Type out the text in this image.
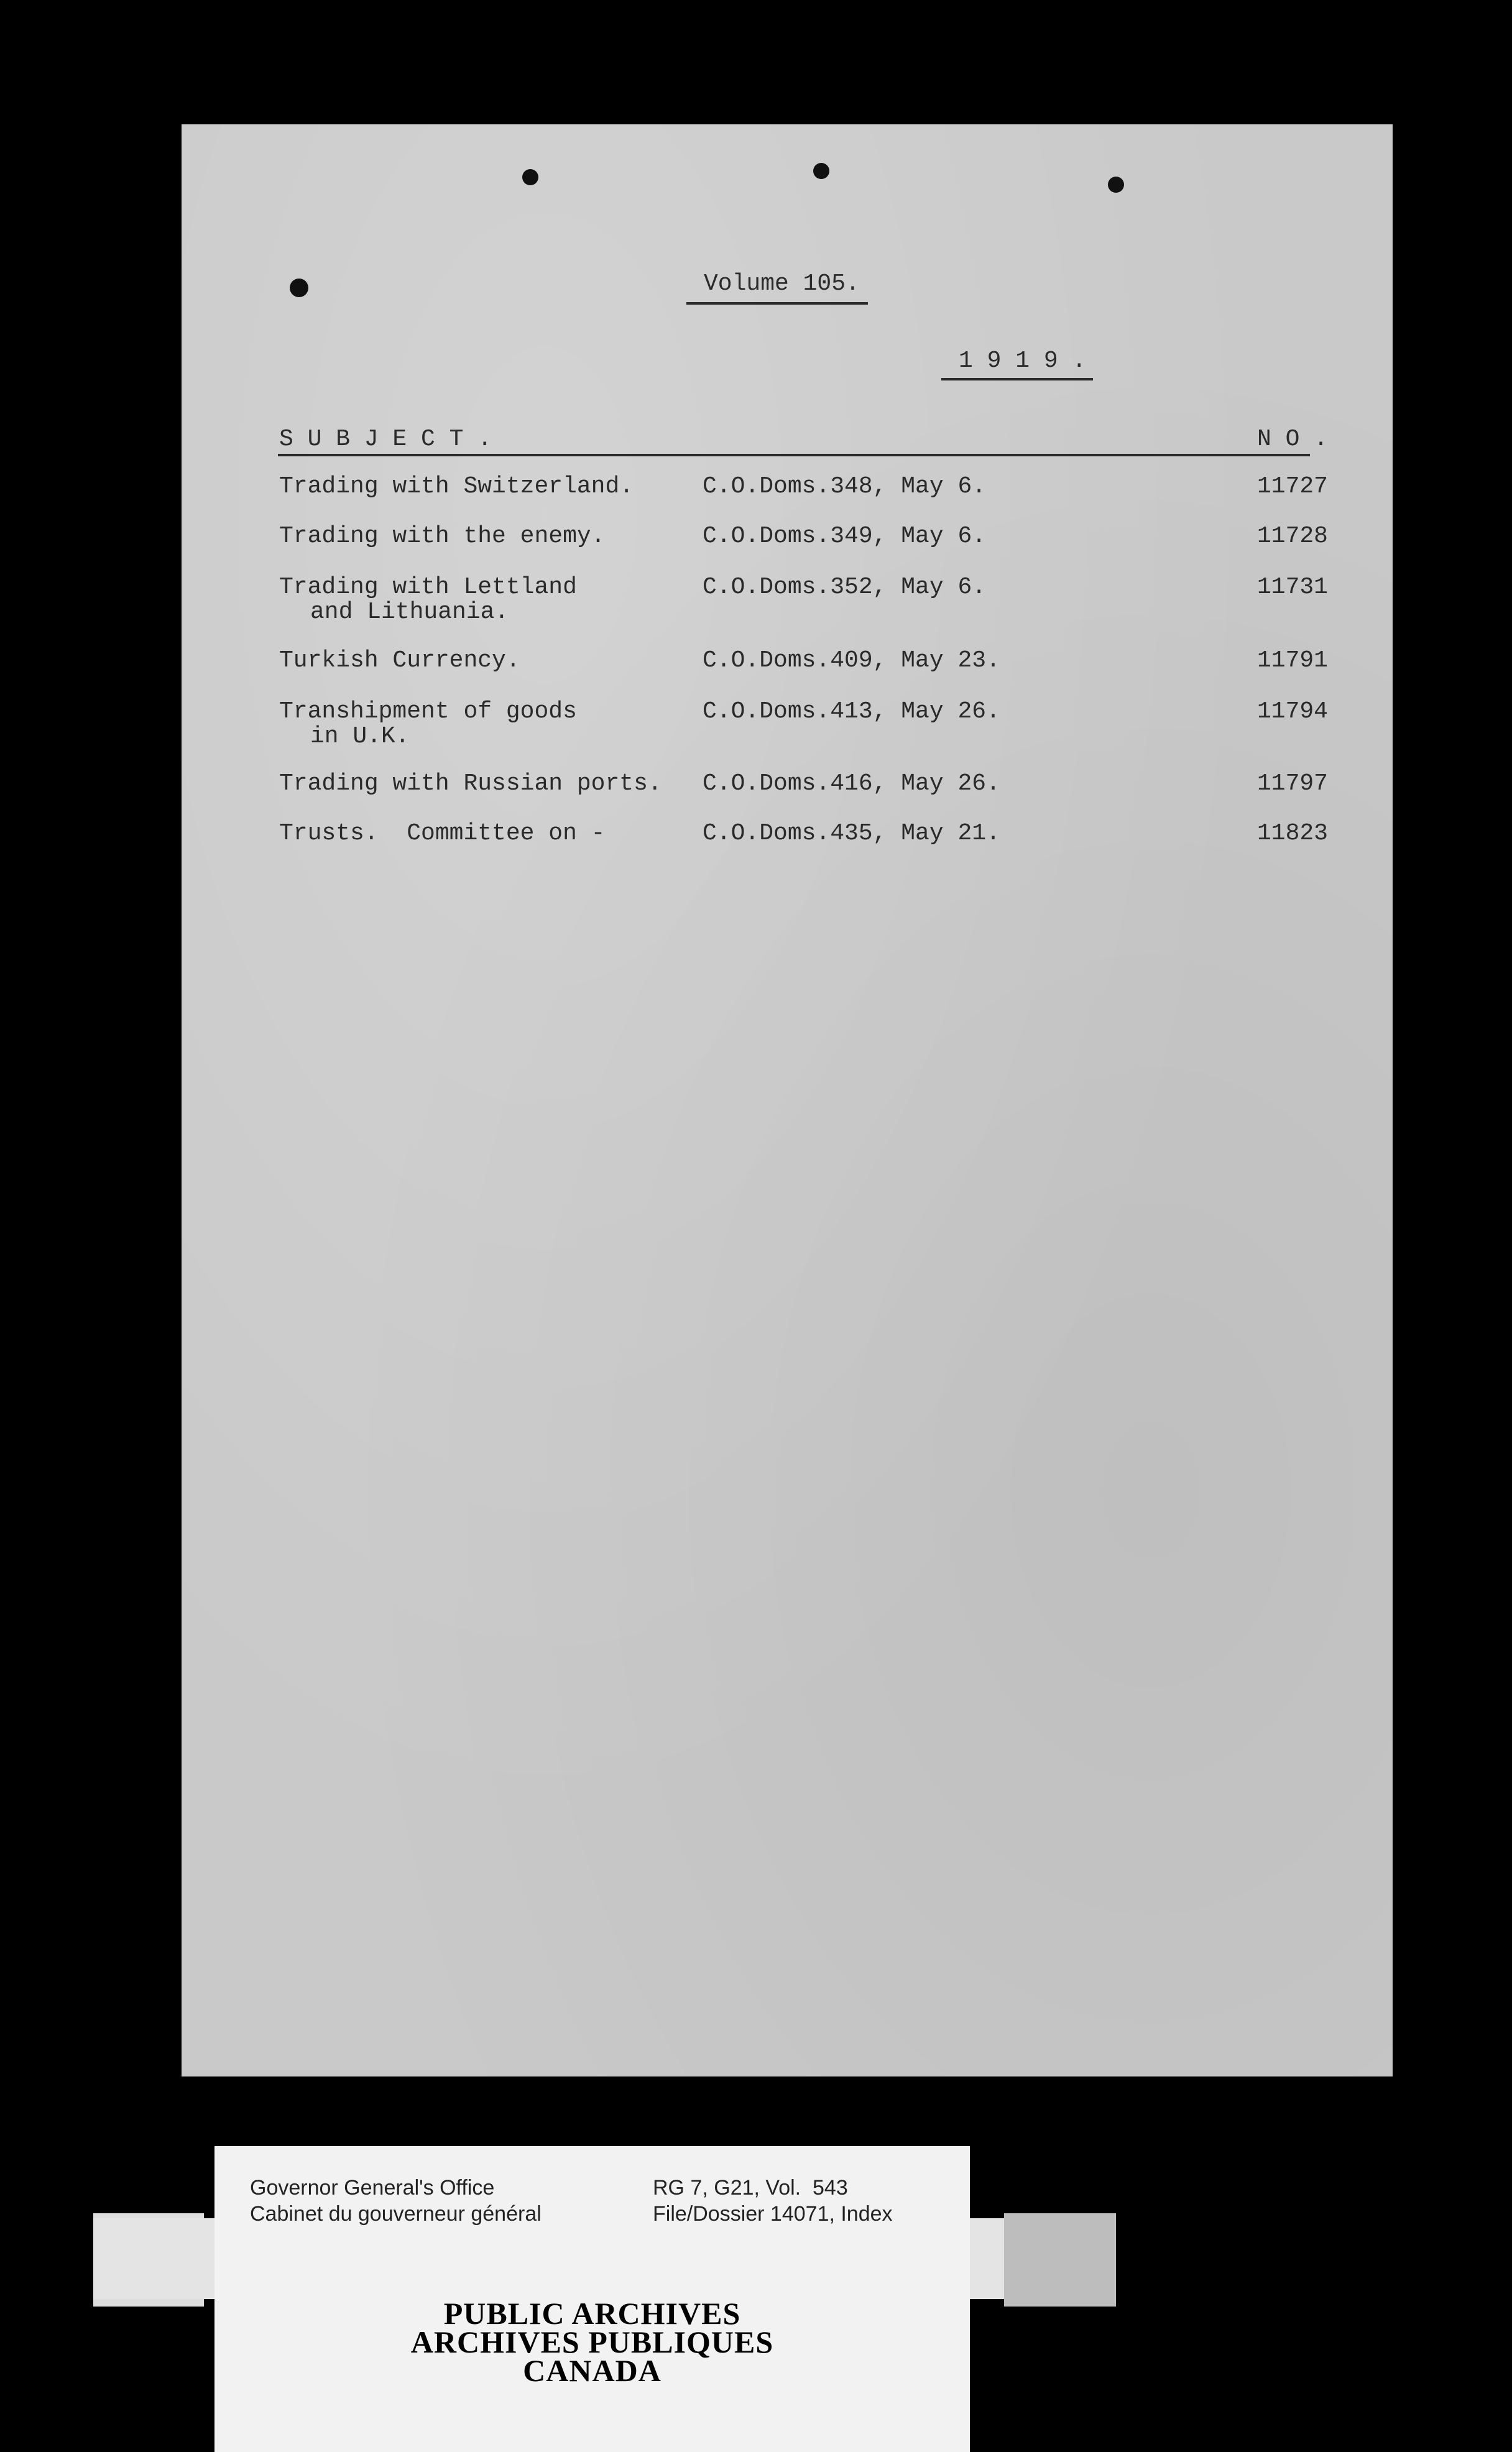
Volume 105.
1 9 1 9 .
S U B J E C T .	N O .
Trading with Switzerland.	C.O.Doms.348, May 6.	11727
Trading with the enemy.	C.O.Doms.349, May 6.	11728
Trading with Lettland
and Lithuania.
C.O.Doms.352, May 6.	11731
Turkish Currency.	C.O.Doms.409, May 23.	11791
Transhipment of goods
in U.K.
C.O.Doms.413, May 26.	11794
Trading with Russian ports. C.O.Doms.416, May 26.	11797
Trusts.  Committee on -	C.O.Doms.435, May 21.	11823
Governor General's Office
Cabinet du gouverneur général
RG 7, G21, Vol.  543
File/Dossier 14071, Index
PUBLIC ARCHIVES
ARCHIVES PUBLIQUES
CANADA
